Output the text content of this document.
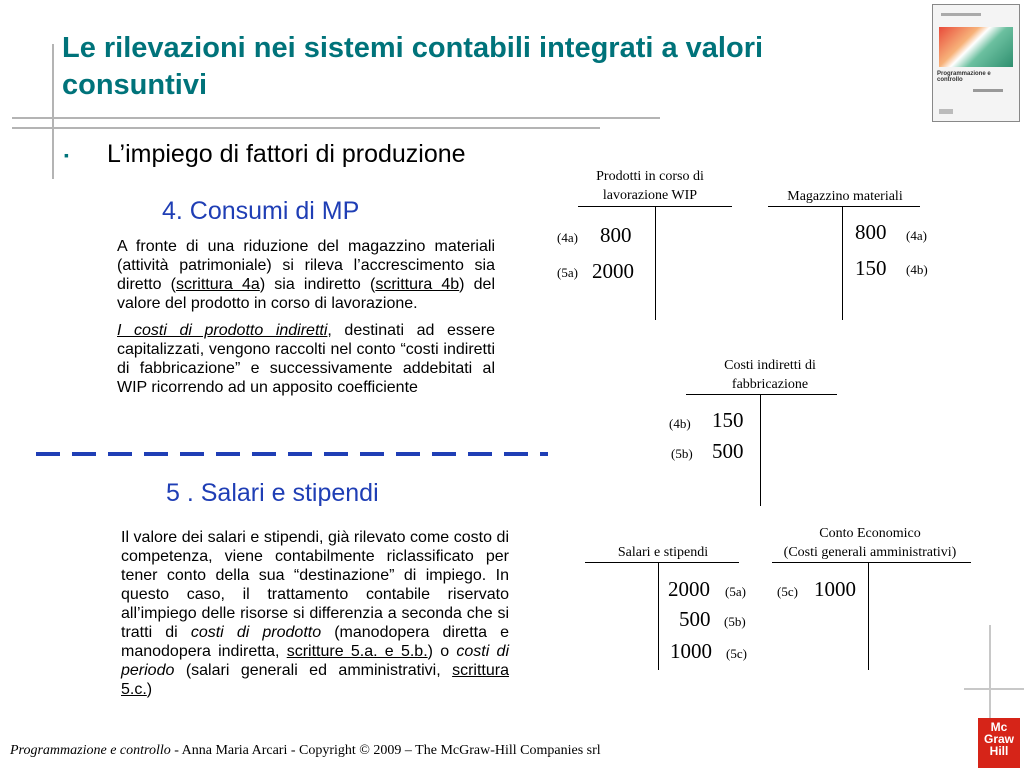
Le rilevazioni nei sistemi contabili integrati a valori consuntivi	Programmazione e controllo
▪ L’impiego di fattori di produzione
4. Consumi di MP

A fronte di una riduzione del magazzino materiali (attività patrimoniale) si rileva l’accrescimento sia diretto (scrittura 4a) sia indiretto (scrittura 4b) del valore del prodotto in corso di lavorazione.

I costi di prodotto indiretti, destinati ad essere capitalizzati, vengono raccolti nel conto “costi indiretti di fabbricazione” e successivamente addebitati al WIP ricorrendo ad un apposito coefficiente

5 . Salari e stipendi

Il valore dei salari e stipendi, già rilevato come costo di competenza, viene contabilmente riclassificato per tener conto della sua “destinazione” di impiego. In questo caso, il trattamento contabile riservato all’impiego delle risorse si differenzia a seconda che si tratti di costi di prodotto (manodopera diretta e manodopera indiretta, scritture 5.a. e 5.b.) o costi di periodo (salari generali ed amministrativi, scrittura 5.c.)

Prodotti in corso di
lavorazione WIP
(4a) 800
(5a) 2000
Magazzino materiali
800 (4a)
150 (4b)
Costi indiretti di
fabbricazione
(4b) 150
(5b) 500
Salari e stipendi
2000 (5a)
500 (5b)
1000 (5c)
Conto Economico
(Costi generali amministrativi)
(5c) 1000
Mc
Graw
Hill
Programmazione e controllo - Anna Maria Arcari - Copyright © 2009 – The McGraw-Hill Companies srl
